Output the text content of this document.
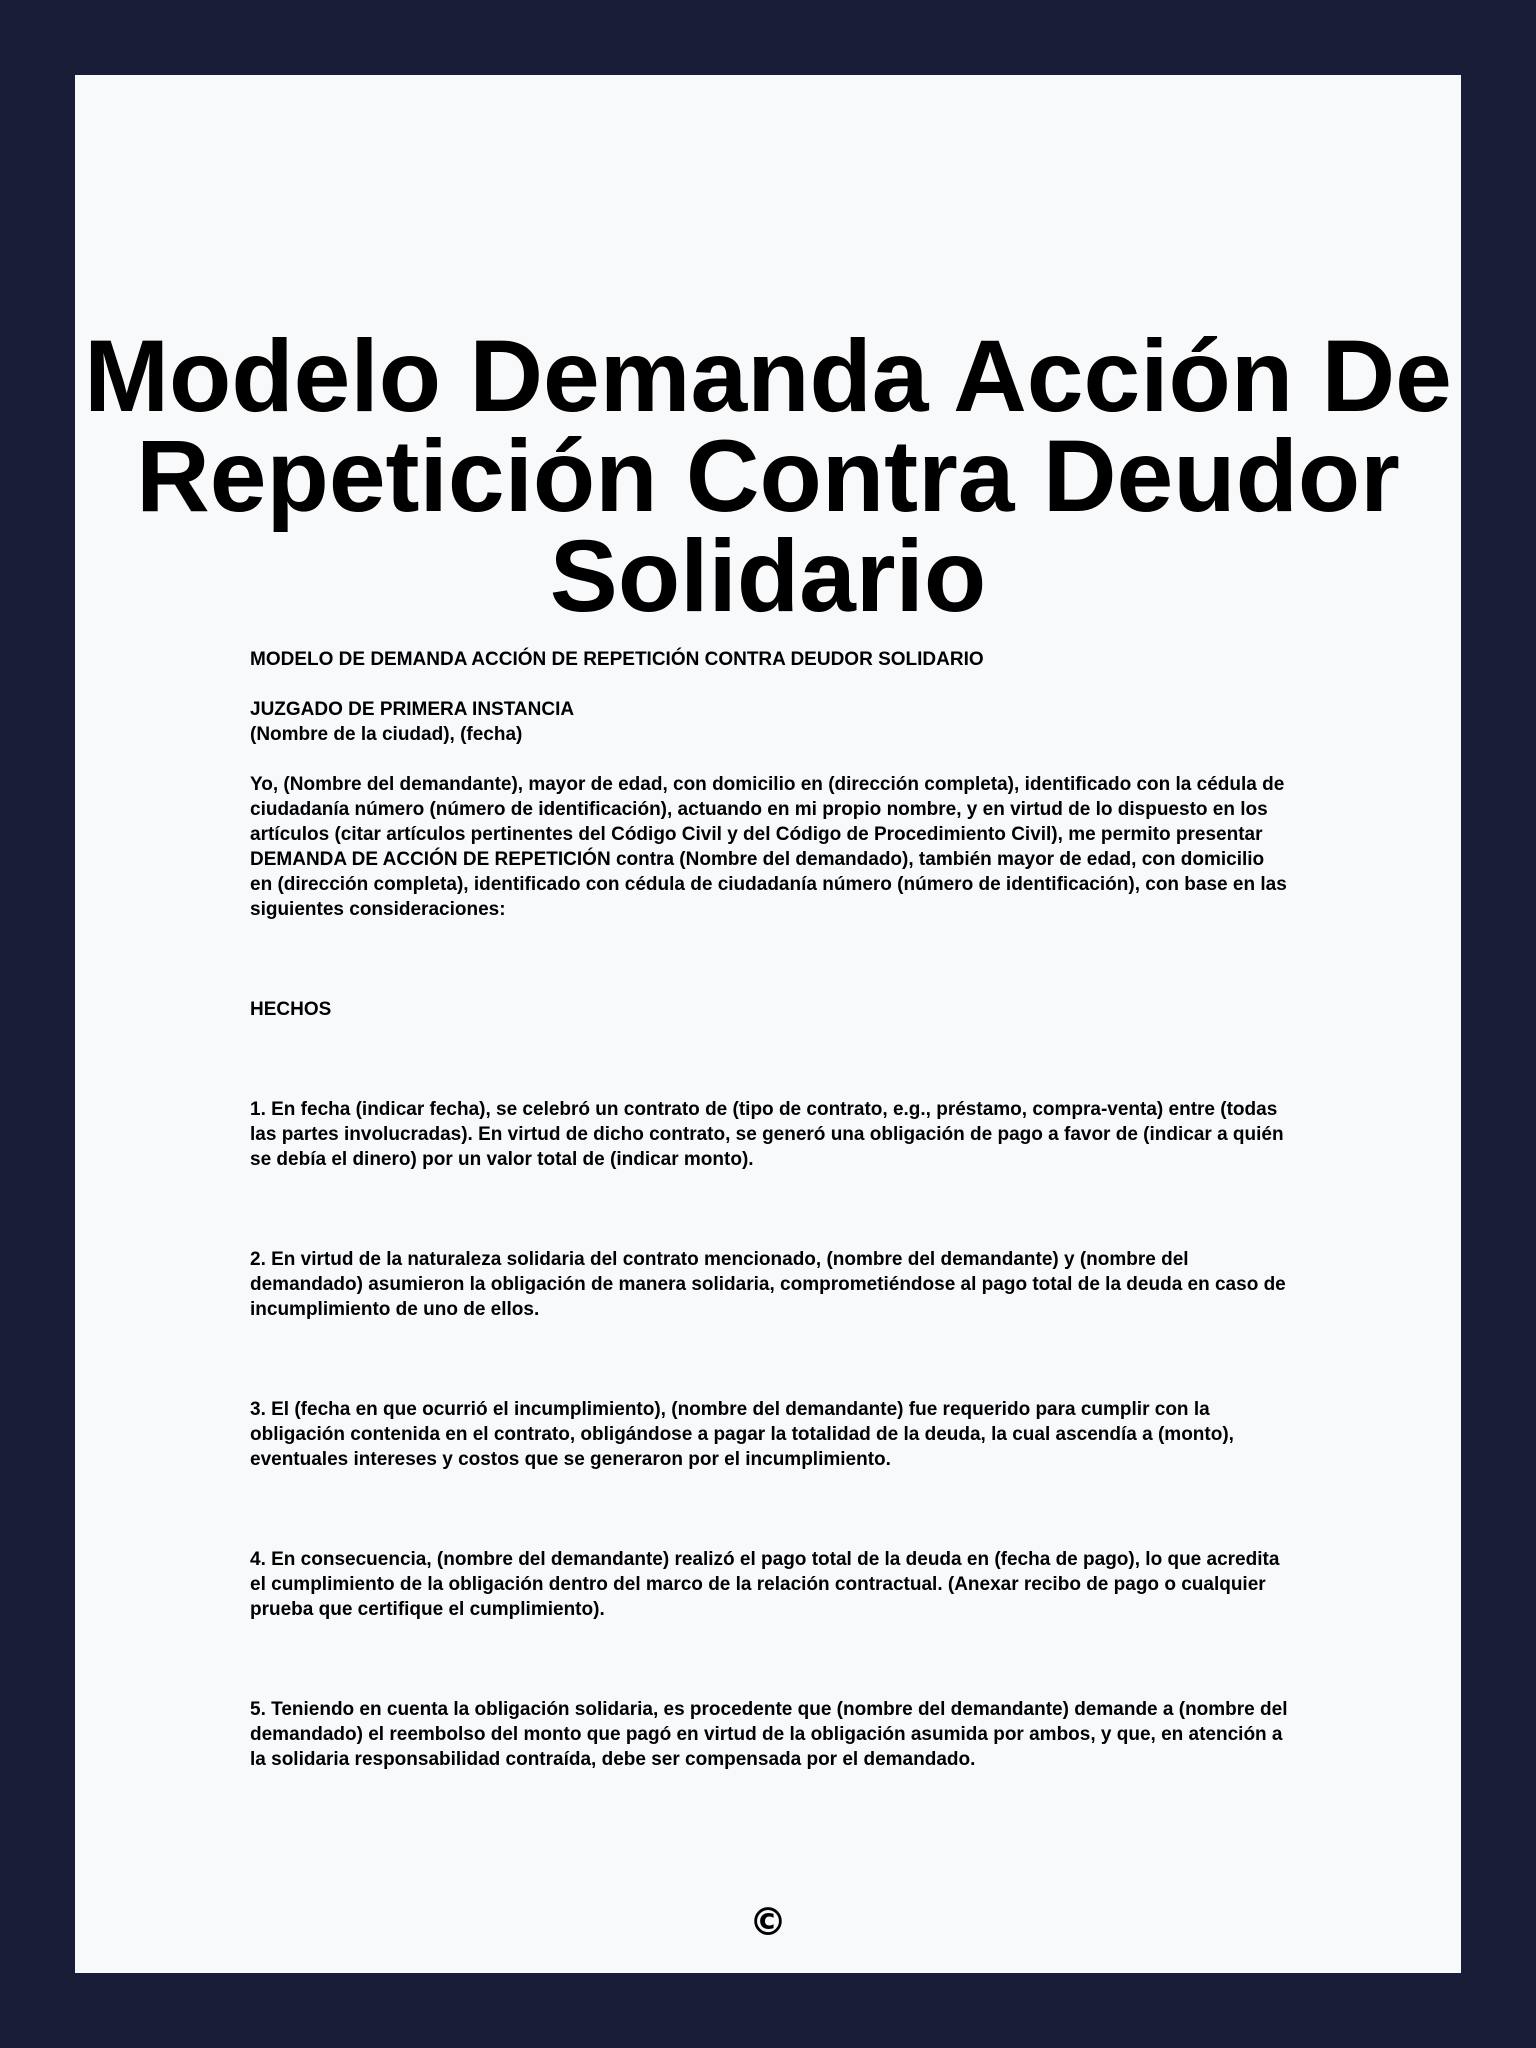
Modelo Demanda Acción De
Repetición Contra Deudor
Solidario

MODELO DE DEMANDA ACCIÓN DE REPETICIÓN CONTRA DEUDOR SOLIDARIO

JUZGADO DE PRIMERA INSTANCIA

(Nombre de la ciudad), (fecha)

Yo, (Nombre del demandante), mayor de edad, con domicilio en (dirección completa), identificado con la cédula de ciudadanía número (número de identificación), actuando en mi propio nombre, y en virtud de lo dispuesto en los artículos (citar artículos pertinentes del Código Civil y del Código de Procedimiento Civil), me permito presentar DEMANDA DE ACCIÓN DE REPETICIÓN contra (Nombre del demandado), también mayor de edad, con domicilio en (dirección completa), identificado con cédula de ciudadanía número (número de identificación), con base en las siguientes consideraciones:

HECHOS

1. En fecha (indicar fecha), se celebró un contrato de (tipo de contrato, e.g., préstamo, compra-venta) entre (todas las partes involucradas). En virtud de dicho contrato, se generó una obligación de pago a favor de (indicar a quién se debía el dinero) por un valor total de (indicar monto).

2. En virtud de la naturaleza solidaria del contrato mencionado, (nombre del demandante) y (nombre del demandado) asumieron la obligación de manera solidaria, comprometiéndose al pago total de la deuda en caso de incumplimiento de uno de ellos.

3. El (fecha en que ocurrió el incumplimiento), (nombre del demandante) fue requerido para cumplir con la obligación contenida en el contrato, obligándose a pagar la totalidad de la deuda, la cual ascendía a (monto), eventuales intereses y costos que se generaron por el incumplimiento.

4. En consecuencia, (nombre del demandante) realizó el pago total de la deuda en (fecha de pago), lo que acredita el cumplimiento de la obligación dentro del marco de la relación contractual. (Anexar recibo de pago o cualquier prueba que certifique el cumplimiento).

5. Teniendo en cuenta la obligación solidaria, es procedente que (nombre del demandante) demande a (nombre del demandado) el reembolso del monto que pagó en virtud de la obligación asumida por ambos, y que, en atención a la solidaria responsabilidad contraída, debe ser compensada por el demandado.

©
